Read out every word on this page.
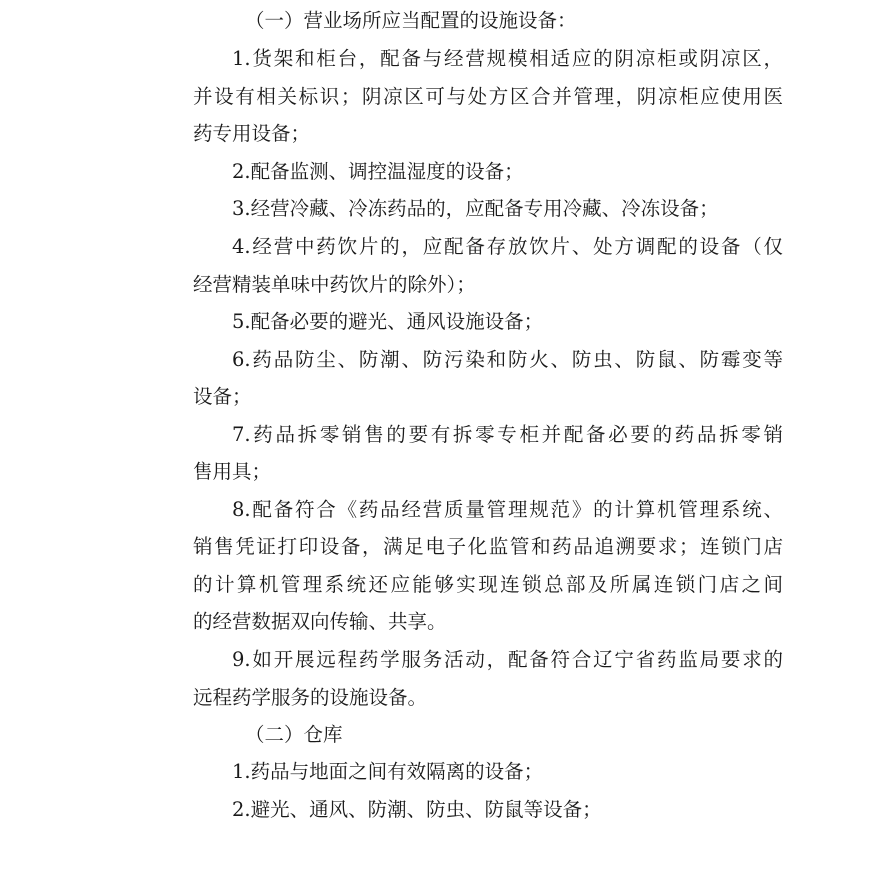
（一）营业场所应当配置的设施设备：
1.货架和柜台，配备与经营规模相适应的阴凉柜或阴凉区，
并设有相关标识；阴凉区可与处方区合并管理，阴凉柜应使用医
药专用设备；
2.配备监测、调控温湿度的设备；
3.经营冷藏、冷冻药品的，应配备专用冷藏、冷冻设备；
4.经营中药饮片的，应配备存放饮片、处方调配的设备（仅
经营精装单味中药饮片的除外）；
5.配备必要的避光、通风设施设备；
6.药品防尘、防潮、防污染和防火、防虫、防鼠、防霉变等
设备；
7.药品拆零销售的要有拆零专柜并配备必要的药品拆零销
售用具；
8.配备符合《药品经营质量管理规范》的计算机管理系统、
销售凭证打印设备，满足电子化监管和药品追溯要求；连锁门店
的计算机管理系统还应能够实现连锁总部及所属连锁门店之间
的经营数据双向传输、共享。
9.如开展远程药学服务活动，配备符合辽宁省药监局要求的
远程药学服务的设施设备。
（二）仓库
1.药品与地面之间有效隔离的设备；
2.避光、通风、防潮、防虫、防鼠等设备；
